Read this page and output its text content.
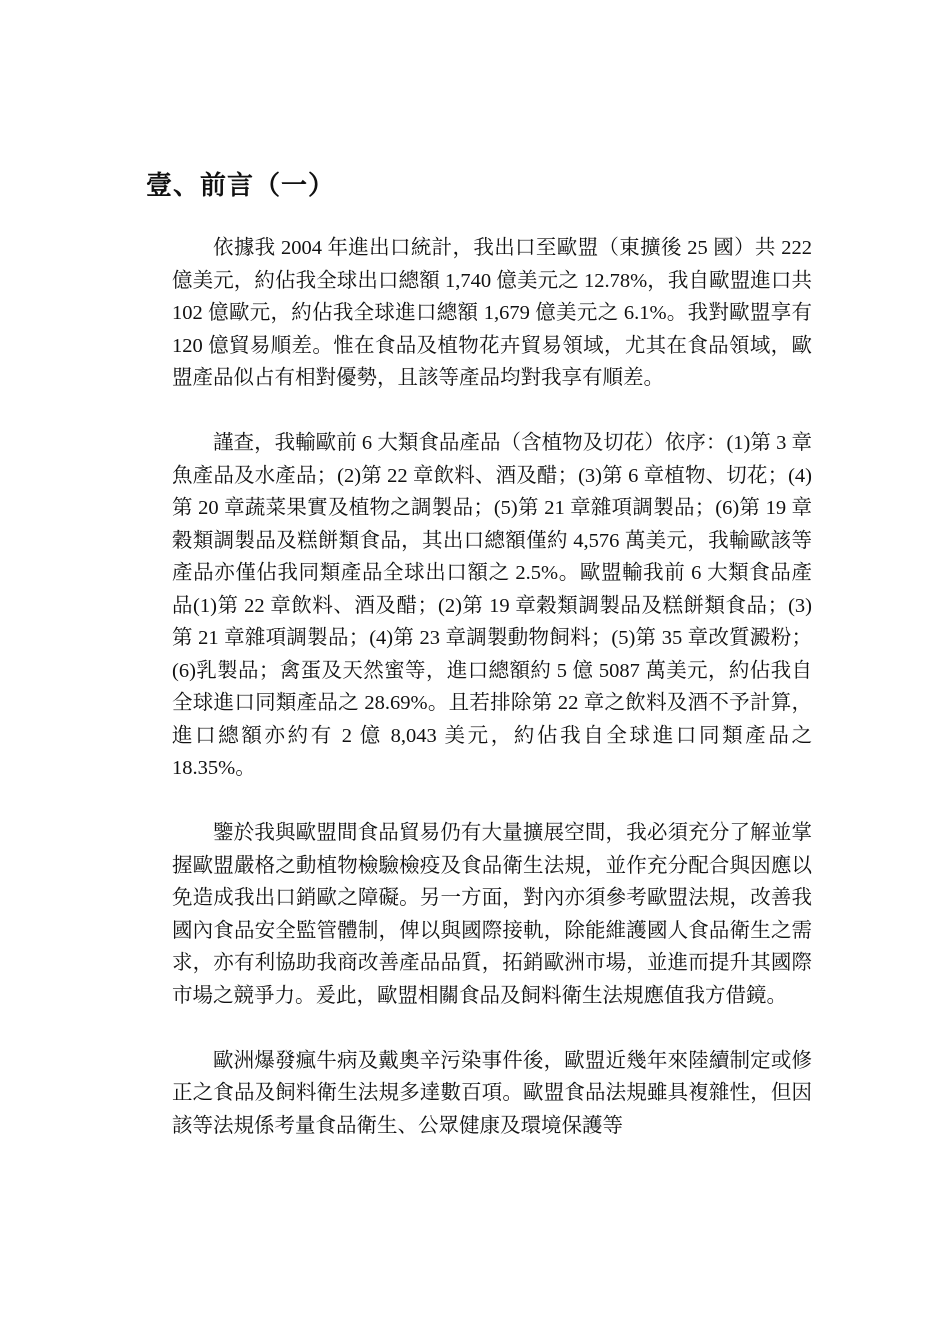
壹、前言（一）

依據我 2004 年進出口統計，我出口至歐盟（東擴後 25 國）共 222 億美元，約佔我全球出口總額 1,740 億美元之 12.78%，我自歐盟進口共 102 億歐元，約佔我全球進口總額 1,679 億美元之 6.1%。我對歐盟享有 120 億貿易順差。惟在食品及植物花卉貿易領域，尤其在食品領域，歐盟產品似占有相對優勢，且該等產品均對我享有順差。

謹查，我輸歐前 6 大類食品產品（含植物及切花）依序：(1)第 3 章魚產品及水產品；(2)第 22 章飲料、酒及醋；(3)第 6 章植物、切花；(4)第 20 章蔬菜果實及植物之調製品；(5)第 21 章雜項調製品；(6)第 19 章穀類調製品及糕餅類食品，其出口總額僅約 4,576 萬美元，我輸歐該等產品亦僅佔我同類產品全球出口額之 2.5%。歐盟輸我前 6 大類食品產品(1)第 22 章飲料、酒及醋；(2)第 19 章穀類調製品及糕餅類食品；(3)第 21 章雜項調製品；(4)第 23 章調製動物飼料；(5)第 35 章改質澱粉；(6)乳製品；禽蛋及天然蜜等，進口總額約 5 億 5087 萬美元，約佔我自全球進口同類產品之 28.69%。且若排除第 22 章之飲料及酒不予計算，進口總額亦約有 2 億 8,043 美元，約佔我自全球進口同類產品之 18.35%。

鑒於我與歐盟間食品貿易仍有大量擴展空間，我必須充分了解並掌握歐盟嚴格之動植物檢驗檢疫及食品衛生法規，並作充分配合與因應以免造成我出口銷歐之障礙。另一方面，對內亦須參考歐盟法規，改善我國內食品安全監管體制，俾以與國際接軌，除能維護國人食品衛生之需求，亦有利協助我商改善產品品質，拓銷歐洲市場，並進而提升其國際市場之競爭力。爰此，歐盟相關食品及飼料衛生法規應值我方借鏡。

歐洲爆發瘋牛病及戴奧辛污染事件後，歐盟近幾年來陸續制定或修正之食品及飼料衛生法規多達數百項。歐盟食品法規雖具複雜性，但因該等法規係考量食品衛生、公眾健康及環境保護等
